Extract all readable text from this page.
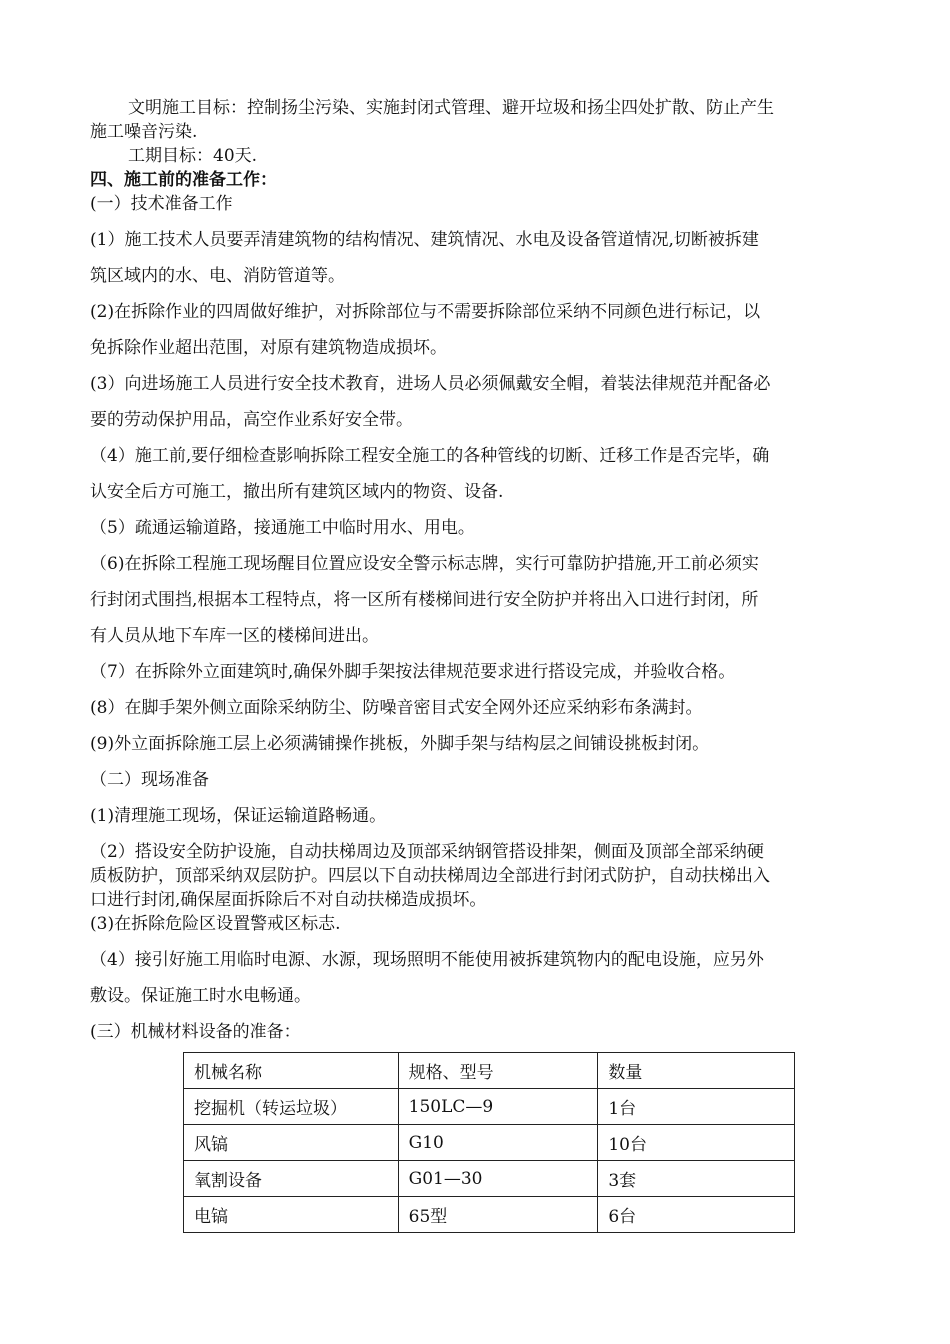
文明施工目标：控制扬尘污染、实施封闭式管理、避开垃圾和扬尘四处扩散、防止产生
施工噪音污染.
工期目标：40天.
四、施工前的准备工作：
(一）技术准备工作
(1）施工技术人员要弄清建筑物的结构情况、建筑情况、水电及设备管道情况,切断被拆建
筑区域内的水、电、消防管道等。
(2)在拆除作业的四周做好维护，对拆除部位与不需要拆除部位采纳不同颜色进行标记，以
免拆除作业超出范围，对原有建筑物造成损坏。
(3）向进场施工人员进行安全技术教育，进场人员必须佩戴安全帽，着装法律规范并配备必
要的劳动保护用品，高空作业系好安全带。
（4）施工前,要仔细检查影响拆除工程安全施工的各种管线的切断、迁移工作是否完毕，确
认安全后方可施工，撤出所有建筑区域内的物资、设备.
（5）疏通运输道路，接通施工中临时用水、用电。
（6)在拆除工程施工现场醒目位置应设安全警示标志牌，实行可靠防护措施,开工前必须实
行封闭式围挡,根据本工程特点，将一区所有楼梯间进行安全防护并将出入口进行封闭，所
有人员从地下车库一区的楼梯间进出。
（7）在拆除外立面建筑时,确保外脚手架按法律规范要求进行搭设完成，并验收合格。
(8）在脚手架外侧立面除采纳防尘、防噪音密目式安全网外还应采纳彩布条满封。
(9)外立面拆除施工层上必须满铺操作挑板，外脚手架与结构层之间铺设挑板封闭。
（二）现场准备
(1)清理施工现场，保证运输道路畅通。
（2）搭设安全防护设施，自动扶梯周边及顶部采纳钢管搭设排架，侧面及顶部全部采纳硬
质板防护，顶部采纳双层防护。四层以下自动扶梯周边全部进行封闭式防护，自动扶梯出入
口进行封闭,确保屋面拆除后不对自动扶梯造成损坏。
(3)在拆除危险区设置警戒区标志.
（4）接引好施工用临时电源、水源，现场照明不能使用被拆建筑物内的配电设施，应另外
敷设。保证施工时水电畅通。
(三）机械材料设备的准备：
机械名称	规格、型号	数量
挖掘机（转运垃圾）	150LC—9	1台
风镐	G10	10台
氧割设备	G01—30	3套
电镐	65型	6台
